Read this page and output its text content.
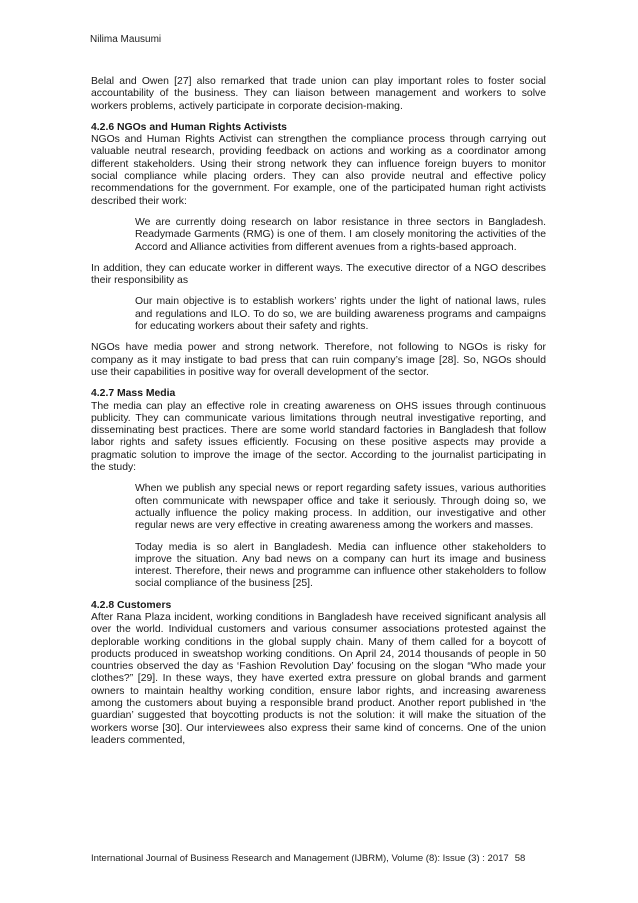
Nilima Mausumi

Belal and Owen [27] also remarked that trade union can play important roles to foster social accountability of the business. They can liaison between management and workers to solve workers problems, actively participate in corporate decision-making.

4.2.6 NGOs and Human Rights Activists

NGOs and Human Rights Activist can strengthen the compliance process through carrying out valuable neutral research, providing feedback on actions and working as a coordinator among different stakeholders. Using their strong network they can influence foreign buyers to monitor social compliance while placing orders. They can also provide neutral and effective policy recommendations for the government. For example, one of the participated human right activists described their work:

We are currently doing research on labor resistance in three sectors in Bangladesh. Readymade Garments (RMG) is one of them. I am closely monitoring the activities of the Accord and Alliance activities from different avenues from a rights-based approach.

In addition, they can educate worker in different ways. The executive director of a NGO describes their responsibility as

Our main objective is to establish workers’ rights under the light of national laws, rules and regulations and ILO. To do so, we are building awareness programs and campaigns for educating workers about their safety and rights.

NGOs have media power and strong network. Therefore, not following to NGOs is risky for company as it may instigate to bad press that can ruin company’s image [28]. So, NGOs should use their capabilities in positive way for overall development of the sector.

4.2.7 Mass Media

The media can play an effective role in creating awareness on OHS issues through continuous publicity. They can communicate various limitations through neutral investigative reporting, and disseminating best practices. There are some world standard factories in Bangladesh that follow labor rights and safety issues efficiently. Focusing on these positive aspects may provide a pragmatic solution to improve the image of the sector. According to the journalist participating in the study:

When we publish any special news or report regarding safety issues, various authorities often communicate with newspaper office and take it seriously. Through doing so, we actually influence the policy making process. In addition, our investigative and other regular news are very effective in creating awareness among the workers and masses.

Today media is so alert in Bangladesh. Media can influence other stakeholders to improve the situation. Any bad news on a company can hurt its image and business interest. Therefore, their news and programme can influence other stakeholders to follow social compliance of the business [25].

4.2.8 Customers

After Rana Plaza incident, working conditions in Bangladesh have received significant analysis all over the world. Individual customers and various consumer associations protested against the deplorable working conditions in the global supply chain. Many of them called for a boycott of products produced in sweatshop working conditions. On April 24, 2014 thousands of people in 50 countries observed the day as ‘Fashion Revolution Day’ focusing on the slogan “Who made your clothes?” [29]. In these ways, they have exerted extra pressure on global brands and garment owners to maintain healthy working condition, ensure labor rights, and increasing awareness among the customers about buying a responsible brand product. Another report published in ‘the guardian’ suggested that boycotting products is not the solution: it will make the situation of the workers worse [30]. Our interviewees also express their same kind of concerns. One of the union leaders commented,

International Journal of Business Research and Management (IJBRM), Volume (8): Issue (3) : 2017 58
